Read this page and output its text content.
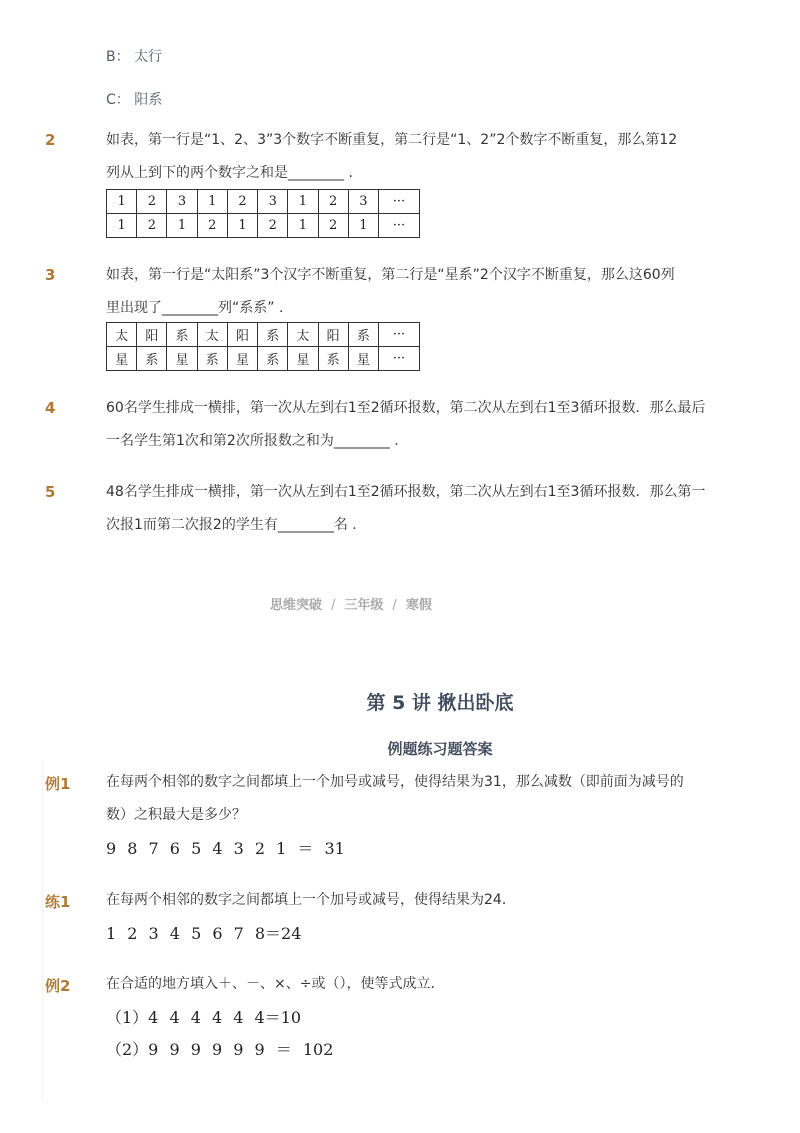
B： 太行
C： 阳系
2	如表，第一行是“1、2、3”3个数字不断重复，第二行是“1、2”2个数字不断重复，那么第12
列从上到下的两个数字之和是________ .
1	2	3	1	2	3	1	2	3	···
1	2	1	2	1	2	1	2	1	···
3	如表，第一行是“太阳系”3个汉字不断重复，第二行是“星系”2个汉字不断重复，那么这60列
里出现了________列“系系” .
太	阳	系	太	阳	系	太	阳	系	···
星	系	星	系	星	系	星	系	星	···
4	60名学生排成一横排，第一次从左到右1至2循环报数，第二次从左到右1至3循环报数．那么最后
一名学生第1次和第2次所报数之和为________ .
5	48名学生排成一横排，第一次从左到右1至2循环报数，第二次从左到右1至3循环报数．那么第一
次报1而第二次报2的学生有________名 .
思维突破 / 三年级 / 寒假
第 5 讲 揪出卧底
例题练习题答案
例1	在每两个相邻的数字之间都填上一个加号或减号，使得结果为31，那么减数（即前面为减号的
数）之积最大是多少？
9 8 7 6 5 4 3 2 1 ＝ 31
练1	在每两个相邻的数字之间都填上一个加号或减号，使得结果为24．
1 2 3 4 5 6 7 8＝24
例2	在合适的地方填入＋、－、×、÷或（），使等式成立．
（1）4 4 4 4 4 4＝10
（2）9 9 9 9 9 9 ＝ 102
